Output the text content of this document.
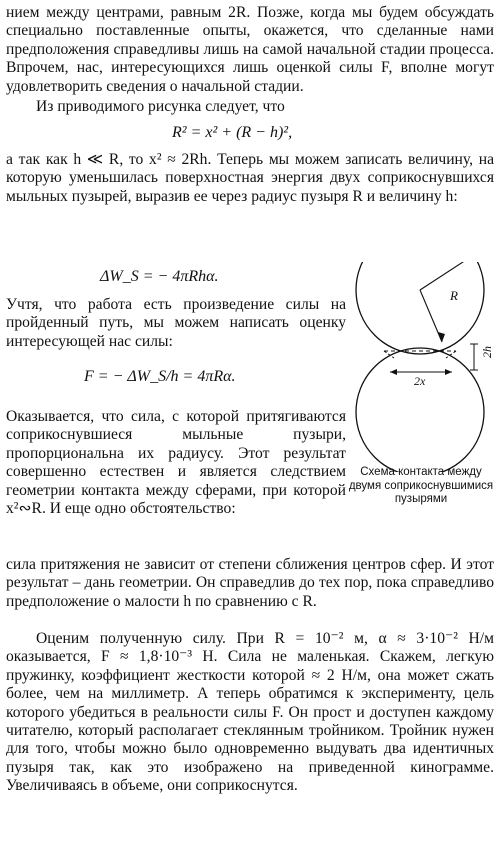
нием между центрами, равным 2R. Позже, когда мы будем обсуждать специально поставленные опыты, окажется, что сделанные нами предположения справедливы лишь на самой начальной стадии процесса. Впрочем, нас, интересующихся лишь оценкой силы F, вполне могут удовлетворить сведения о начальной стадии.

Из приводимого рисунка следует, что

R² = x² + (R − h)²,

а так как h ≪ R, то x² ≈ 2Rh. Теперь мы можем записать величину, на которую уменьшилась поверхностная энергия двух соприкоснувшихся мыльных пузырей, выразив ее через радиус пузыря R и величину h:

ΔW_S = − 4πRhα.

Учтя, что работа есть произведение силы на пройденный путь, мы можем написать оценку интересующей нас силы:

F = − ΔW_S/h = 4πRα.

Оказывается, что сила, с которой притягиваются соприкоснувшиеся мыльные пузыри, пропорциональна их радиусу. Этот результат совершенно естествен и является следствием геометрии контакта между сферами, при которой x²∾R. И еще одно обстоятельство:

сила притяжения не зависит от степени сближения центров сфер. И этот результат – дань геометрии. Он справедлив до тех пор, пока справедливо предположение о малости h по сравнению с R.

Оценим полученную силу. При R = 10⁻² м, α ≈ 3·10⁻² Н/м оказывается, F ≈ 1,8·10⁻³ Н. Сила не маленькая. Скажем, легкую пружинку, коэффициент жесткости которой ≈ 2 Н/м, она может сжать более, чем на миллиметр. А теперь обратимся к эксперименту, цель которого убедиться в реальности силы F. Он прост и доступен каждому читателю, который располагает стеклянным тройником. Тройник нужен для того, чтобы можно было одновременно выдувать два идентичных пузыря так, как это изображено на приведенной кинограмме. Увеличиваясь в объеме, они соприкоснутся.

R
2h
2x

Схема контакта между двумя соприкоснувшимися пузырями
